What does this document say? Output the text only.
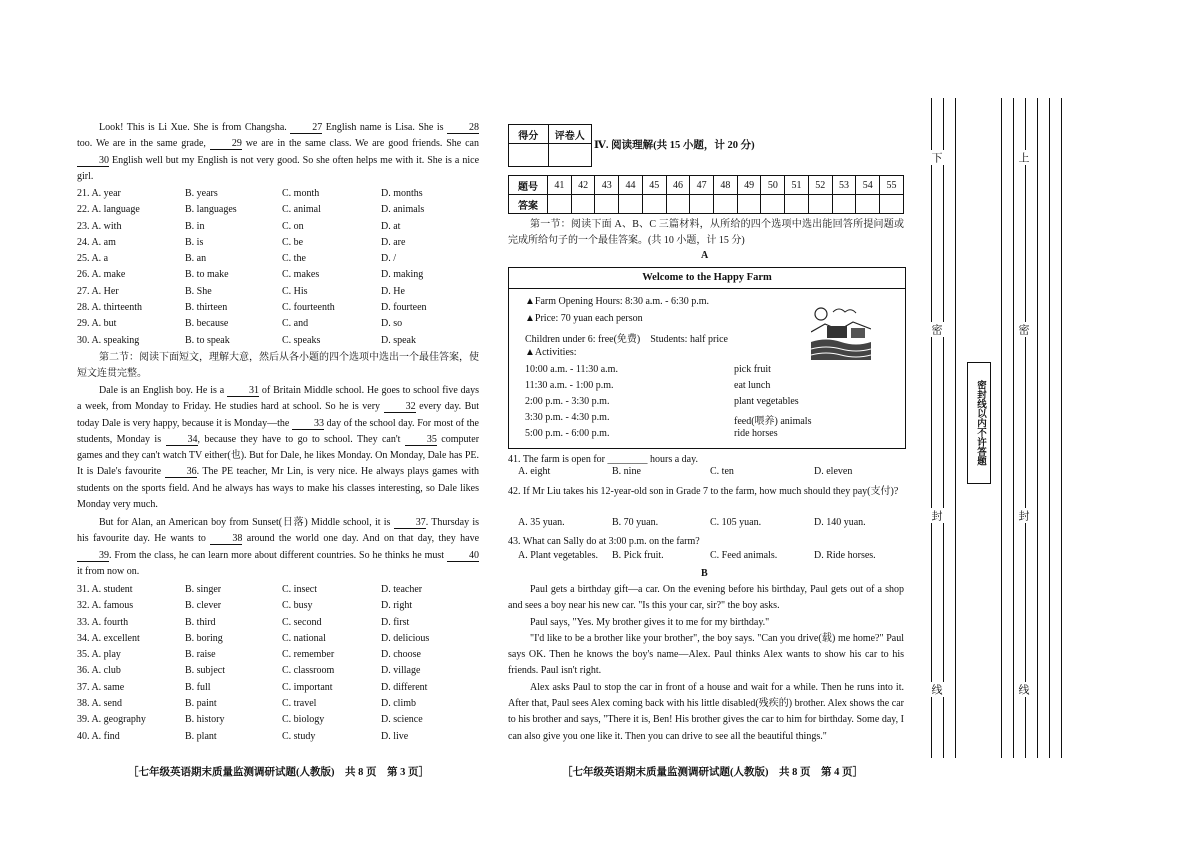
Look! This is Li Xue. She is from Changsha.	27 English name is Lisa. She is	28 too. We are in the same grade,	29 we are in the same class. We are good friends. She can 30 English well but my English is not very good. So she often helps me with it. She is a nice girl.

21. A. year	B. years	C. month	D. months
22. A. language	B. languages	C. animal	D. animals
23. A. with	B. in	C. on	D. at
24. A. am	B. is	C. be	D. are
25. A. a	B. an	C. the	D. /
26. A. make	B. to make	C. makes	D. making
27. A. Her	B. She	C. His	D. He
28. A. thirteenth	B. thirteen	C. fourteenth	D. fourteen
29. A. but	B. because	C. and	D. so
30. A. speaking	B. to speak	C. speaks	D. speak

第二节：阅读下面短文，理解大意，然后从各小题的四个选项中选出一个最佳答案，使短文连贯完整。

Dale is an English boy. He is a 31 of Britain Middle school. He goes to school five days a week, from Monday to Friday. He studies hard at school. So he is very	32 every day. But today Dale is very happy, because it is Monday—the 33 day of the school day. For most of the students, Monday is	34, because they have to go to school. They can't	35 computer games and they can't watch TV either(也). But for Dale, he likes Monday. On Monday, Dale has PE. It is Dale's favourite	36. The PE teacher, Mr Lin, is very nice. He always plays games with students on the sports field. And he always has ways to make his classes interesting, so Dale likes Monday very much.

But for Alan, an American boy from Sunset(日落) Middle school, it is	37. Thursday is his favourite day. He wants to	38 around the world one day. And on that day, they have 39. From the class, he can learn more about different countries. So he thinks he must 40 it from now on.

31. A. student	B. singer	C. insect	D. teacher
32. A. famous	B. clever	C. busy	D. right
33. A. fourth	B. third	C. second	D. first
34. A. excellent	B. boring	C. national	D. delicious
35. A. play	B. raise	C. remember	D. choose
36. A. club	B. subject	C. classroom	D. village
37. A. same	B. full	C. important	D. different
38. A. send	B. paint	C. travel	D. climb
39. A. geography	B. history	C. biology	D. science
40. A. find	B. plant	C. study	D. live
［七年级英语期末质量监测调研试题(人教版)　共 8 页　第 3 页］
得分	评卷人

Ⅳ. 阅读理解(共 15 小题，计 20 分)
题号	41	42	43	44	45	46	47	48	49	50	51	52	53	54	55
答案															

第一节：阅读下面 A、B、C 三篇材料，从所给的四个选项中选出能回答所提问题或完成所给句子的一个最佳答案。(共 10 小题，计 15 分)

A
Welcome to the Happy Farm
▲Farm Opening Hours: 8:30 a.m. - 6:30 p.m.
▲Price: 70 yuan each person
Children under 6: free(免费)　Students: half price
▲Activities:
10:00 a.m. - 11:30 a.m.	pick fruit
11:30 a.m. - 1:00 p.m.	eat lunch
2:00 p.m. - 3:30 p.m.	plant vegetables
3:30 p.m. - 4:30 p.m.	feed(喂养) animals
5:00 p.m. - 6:00 p.m.	ride horses
41. The farm is open for ________ hours a day.
A. eight	B. nine	C. ten	D. eleven

42. If Mr Liu takes his 12-year-old son in Grade 7 to the farm, how much should they pay(支付)?

A. 35 yuan.	B. 70 yuan.	C. 105 yuan.	D. 140 yuan.
43. What can Sally do at 3:00 p.m. on the farm?
A. Plant vegetables. B. Pick fruit.	C. Feed animals.	D. Ride horses.
B

Paul gets a birthday gift—a car. On the evening before his birthday, Paul gets out of a shop and sees a boy near his new car. "Is this your car, sir?" the boy asks.

Paul says, "Yes. My brother gives it to me for my birthday."

"I'd like to be a brother like your brother", the boy says. "Can you drive(载) me home?" Paul says OK. Then he knows the boy's name—Alex. Paul thinks Alex wants to show his car to his friends. Paul isn't right.

Alex asks Paul to stop the car in front of a house and wait for a while. Then he runs into it. After that, Paul sees Alex coming back with his little disabled(残疾的) brother. Alex shows the car to his brother and says, "There it is, Ben! His brother gives the car to him for birthday. Some day, I can also give you one like it. Then you can drive to see all the beautiful things."

［七年级英语期末质量监测调研试题(人教版)　共 8 页　第 4 页］
下	上
密	密
封	封
线	线
密封线以内不许答题
